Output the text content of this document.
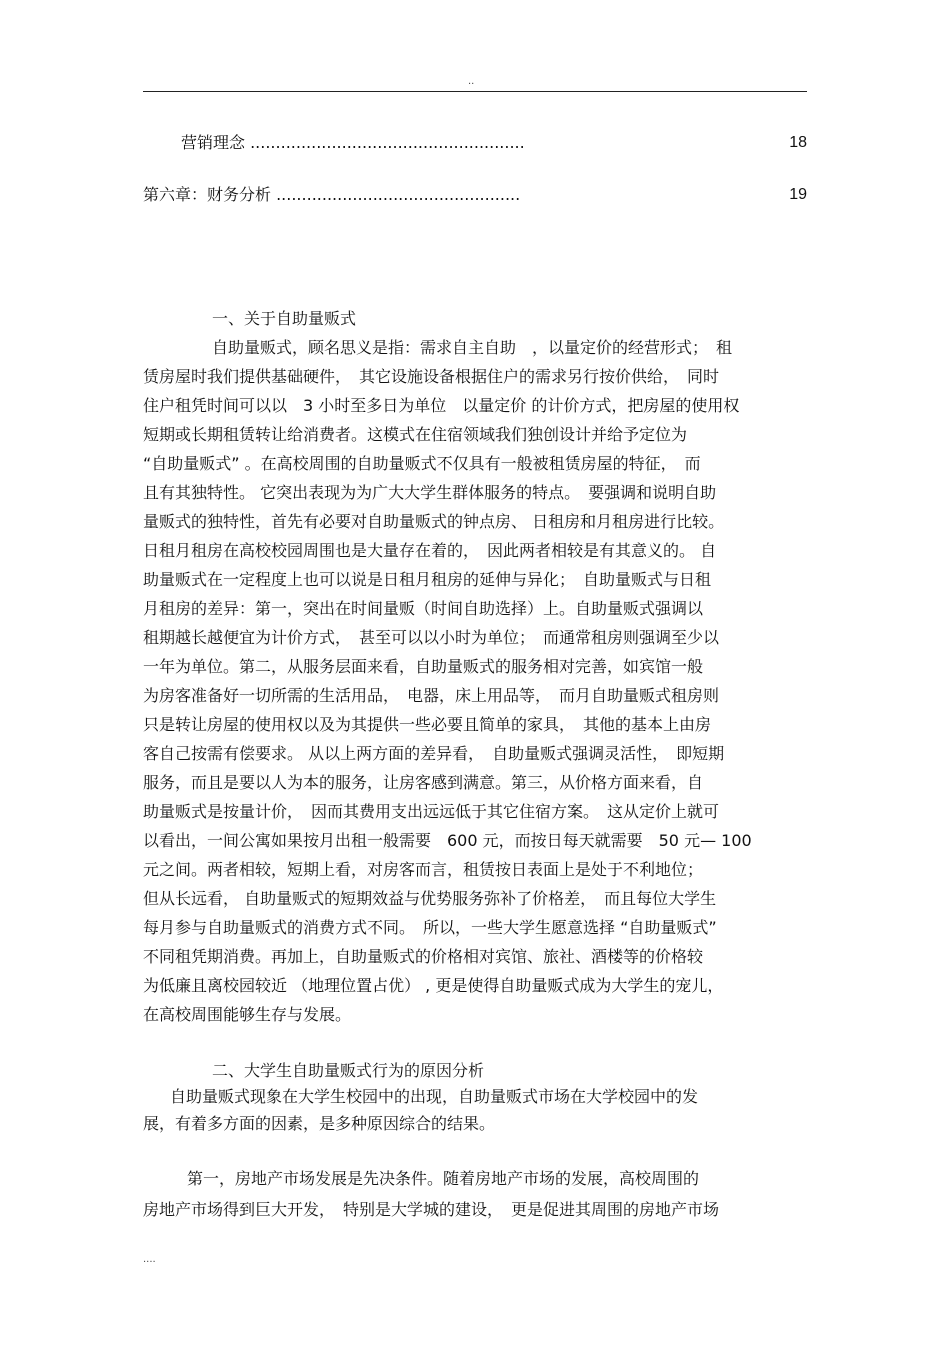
..
营销理念 ......................................................	18
第六章：财务分析 ................................................	19
一、关于自助量贩式
自助量贩式，顾名思义是指：需求自主自助　，以量定价的经营形式；　租
赁房屋时我们提供基础硬件，　其它设施设备根据住户的需求另行按价供给，　同时
住户租凭时间可以以　3 小时至多日为单位　以量定价 的计价方式，把房屋的使用权
短期或长期租赁转让给消费者。这模式在住宿领域我们独创设计并给予定位为
“自助量贩式” 。在高校周围的自助量贩式不仅具有一般被租赁房屋的特征，　而
且有其独特性。 它突出表现为为广大大学生群体服务的特点。　要强调和说明自助
量贩式的独特性，首先有必要对自助量贩式的钟点房、 日租房和月租房进行比较。
日租月租房在高校校园周围也是大量存在着的，　因此两者相较是有其意义的。 自
助量贩式在一定程度上也可以说是日租月租房的延伸与异化；　自助量贩式与日租
月租房的差异：第一，突出在时间量贩（时间自助选择）上。自助量贩式强调以
租期越长越便宜为计价方式，　甚至可以以小时为单位；　而通常租房则强调至少以
一年为单位。第二，从服务层面来看，自助量贩式的服务相对完善，如宾馆一般
为房客准备好一切所需的生活用品，　电器，床上用品等，　而月自助量贩式租房则
只是转让房屋的使用权以及为其提供一些必要且简单的家具，　其他的基本上由房
客自己按需有偿要求。 从以上两方面的差异看，　自助量贩式强调灵活性，　即短期
服务，而且是要以人为本的服务，让房客感到满意。第三，从价格方面来看，自
助量贩式是按量计价，　因而其费用支出远远低于其它住宿方案。　这从定价上就可
以看出，一间公寓如果按月出租一般需要　600 元，而按日每天就需要　50 元— 100
元之间。两者相较，短期上看，对房客而言，租赁按日表面上是处于不利地位；
但从长远看， 自助量贩式的短期效益与优势服务弥补了价格差，　而且每位大学生
每月参与自助量贩式的消费方式不同。　所以，一些大学生愿意选择 “自助量贩式”
不同租凭期消费。再加上，自助量贩式的价格相对宾馆、旅社、酒楼等的价格较
为低廉且离校园较近 （地理位置占优） , 更是使得自助量贩式成为大学生的宠儿，
在高校周围能够生存与发展。
二、大学生自助量贩式行为的原因分析
自助量贩式现象在大学生校园中的出现，自助量贩式市场在大学校园中的发
展，有着多方面的因素，是多种原因综合的结果。
第一，房地产市场发展是先决条件。随着房地产市场的发展，高校周围的
房地产市场得到巨大开发，　特别是大学城的建设，　更是促进其周围的房地产市场
....
